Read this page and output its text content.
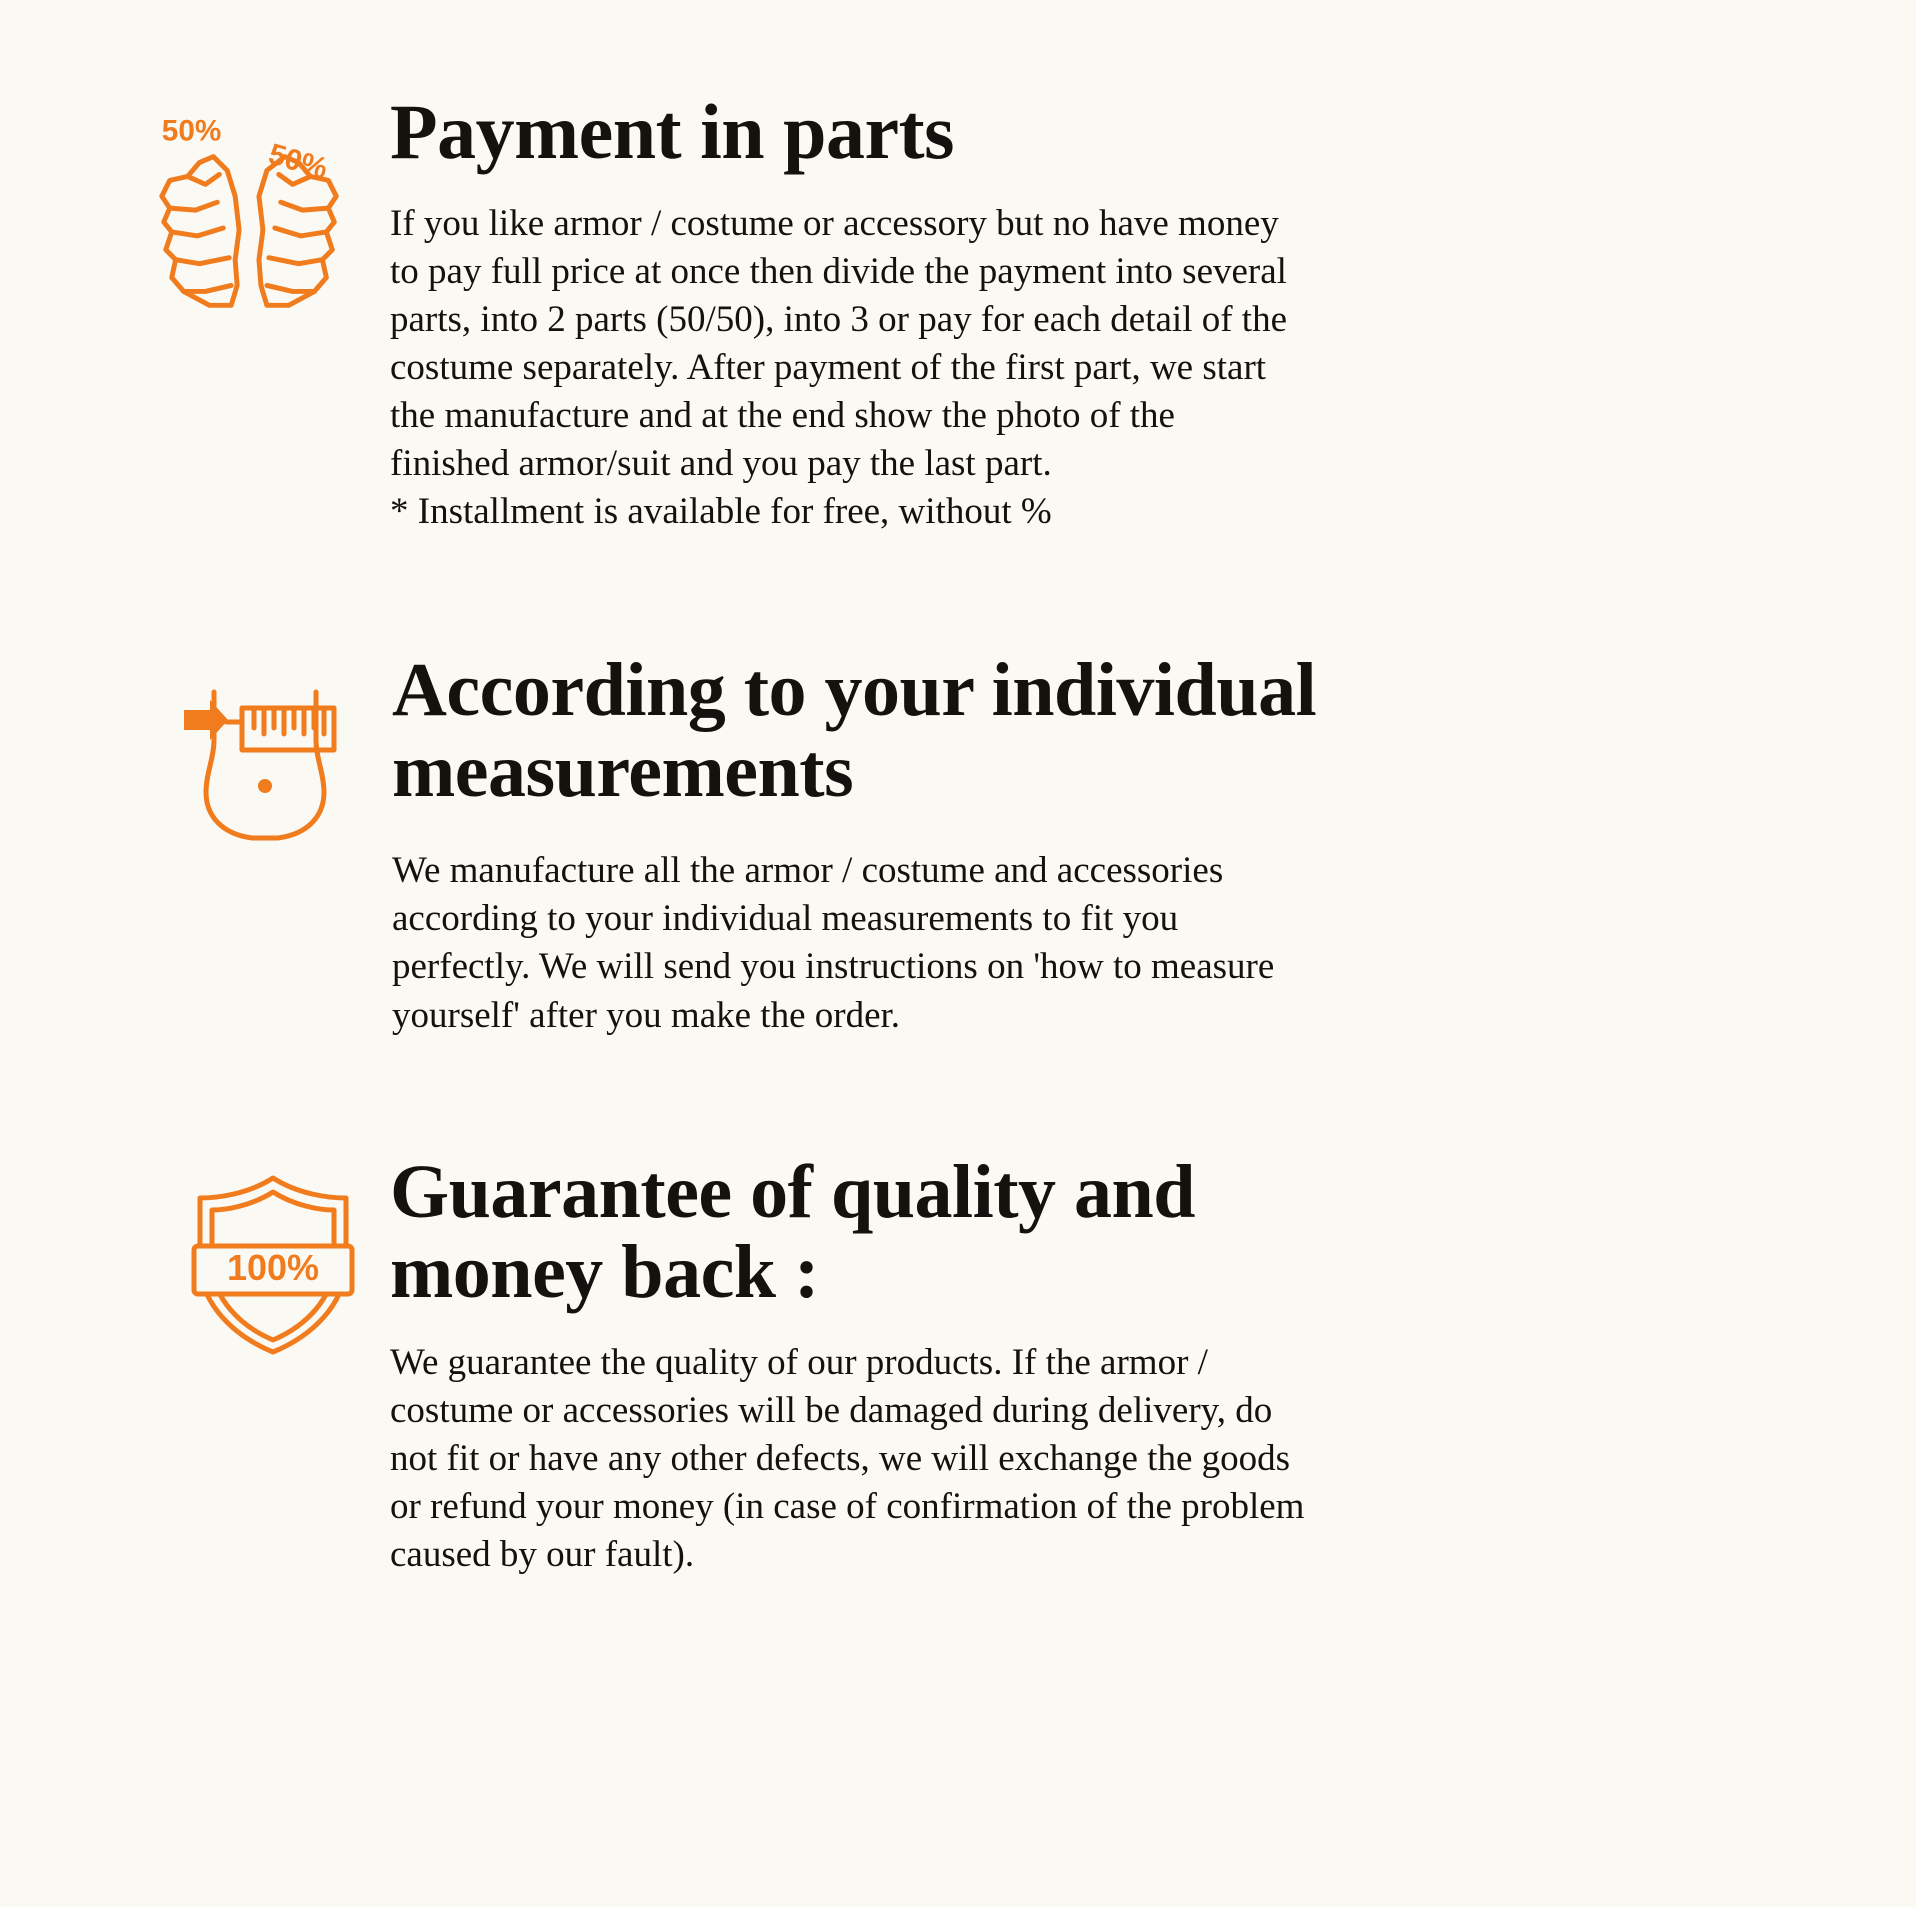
50%
50% Payment in parts

If you like armor / costume or accessory but no have money to pay full price at once then divide the payment into several parts, into 2 parts (50/50), into 3 or pay for each detail of the costume separately. After payment of the first part, we start the manufacture and at the end show the photo of the finished armor/suit and you pay the last part.
* Installment is available for free, without %

According to your individual measurements

We manufacture all the armor / costume and accessories according to your individual measurements to fit you perfectly. We will send you instructions on 'how to measure yourself' after you make the order.

100%
Guarantee of quality and money back :

We guarantee the quality of our products. If the armor / costume or accessories will be damaged during delivery, do not fit or have any other defects, we will exchange the goods or refund your money (in case of confirmation of the problem caused by our fault).
